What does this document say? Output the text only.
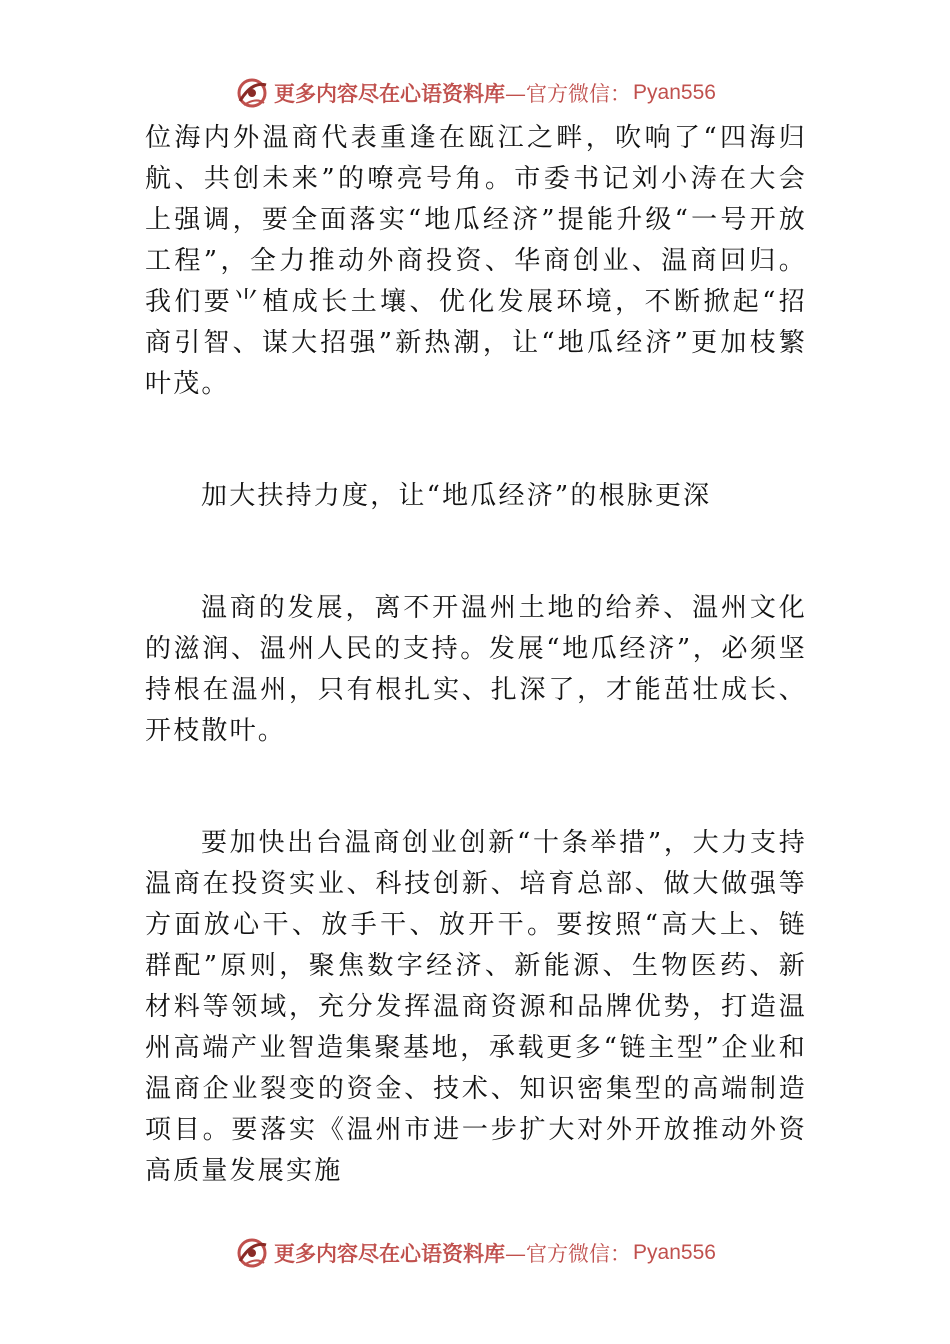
更多内容尽在心语资料库 —官方微信： Pyan556

位海内外温商代表重逢在瓯江之畔，吹响了“四海归航、共创未来”的嘹亮号角。市委书记刘小涛在大会上强调，要全面落实“地瓜经济”提能升级“一号开放工程”，全力推动外商投资、华商创业、温商回归。我们要⺌植成长土壤、优化发展环境，不断掀起“招商引智、谋大招强”新热潮，让“地瓜经济”更加枝繁叶茂。

加大扶持力度，让“地瓜经济”的根脉更深

温商的发展，离不开温州土地的给养、温州文化的滋润、温州人民的支持。发展“地瓜经济”，必须坚持根在温州，只有根扎实、扎深了，才能茁壮成长、开枝散叶。

要加快出台温商创业创新“十条举措”，大力支持温商在投资实业、科技创新、培育总部、做大做强等方面放心干、放手干、放开干。要按照“高大上、链群配”原则，聚焦数字经济、新能源、生物医药、新材料等领域，充分发挥温商资源和品牌优势，打造温州高端产业智造集聚基地，承载更多“链主型”企业和温商企业裂变的资金、技术、知识密集型的高端制造项目。要落实《温州市进一步扩大对外开放推动外资高质量发展实施

更多内容尽在心语资料库 —官方微信： Pyan556
